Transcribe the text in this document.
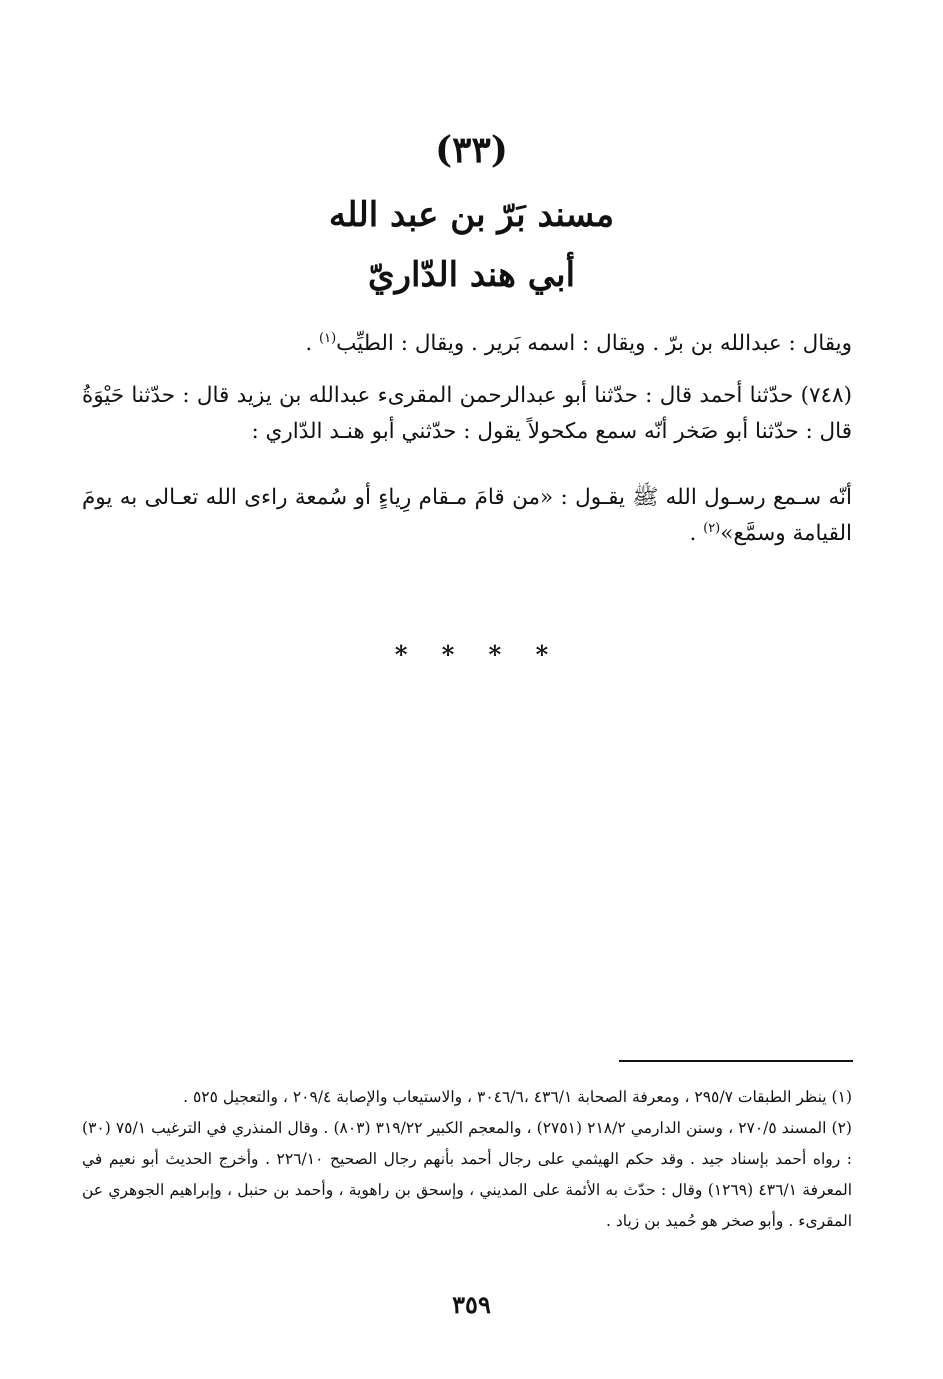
(٣٣)
مسند بَرّ بن عبد الله
أبي هند الدّاريّ
ويقال : عبدالله بن برّ . ويقال : اسمه بَرير . ويقال : الطيِّب$^{(١)}$ .
(٧٤٨) حدّثنا أحمد قال : حدّثنا أبو عبدالرحمن المقرىء عبدالله بن يزيد قال : حدّثنا حَيْوَةُ قال : حدّثنا أبو صَخر أنّه سمع مكحولاً يقول : حدّثني أبو هنـد الدّاري :
أنّه سـمع رسـول الله ﷺ يقـول : «من قامَ مـقام رِياءٍ أو سُمعة راءى الله تعـالى به يومَ القيامة وسمَّع»$^{(٢)}$ .
* * * *

(١) ينظر الطبقات ٢٩٥/٧ ، ومعرفة الصحابة ٤٣٦/١ ،٣٠٤٦/٦ ، والاستيعاب والإصابة ٢٠٩/٤ ، والتعجيل ٥٢٥ .

(٢) المسند ٢٧٠/٥ ، وسنن الدارمي ٢١٨/٢ (٢٧٥١) ، والمعجم الكبير ٣١٩/٢٢ (٨٠٣) . وقال المنذري في الترغيب ٧٥/١ (٣٠) : رواه أحمد بإسناد جيد . وقد حكم الهيثمي على رجال أحمد بأنهم رجال الصحيح ٢٢٦/١٠ . وأخرج الحديث أبو نعيم في المعرفة ٤٣٦/١ (١٢٦٩) وقال : حدّث به الأئمة على المديني ، وإسحق بن راهوية ، وأحمد بن حنبل ، وإبراهيم الجوهري عن المقرىء . وأبو صخر هو حُميد بن زياد .

٣٥٩
